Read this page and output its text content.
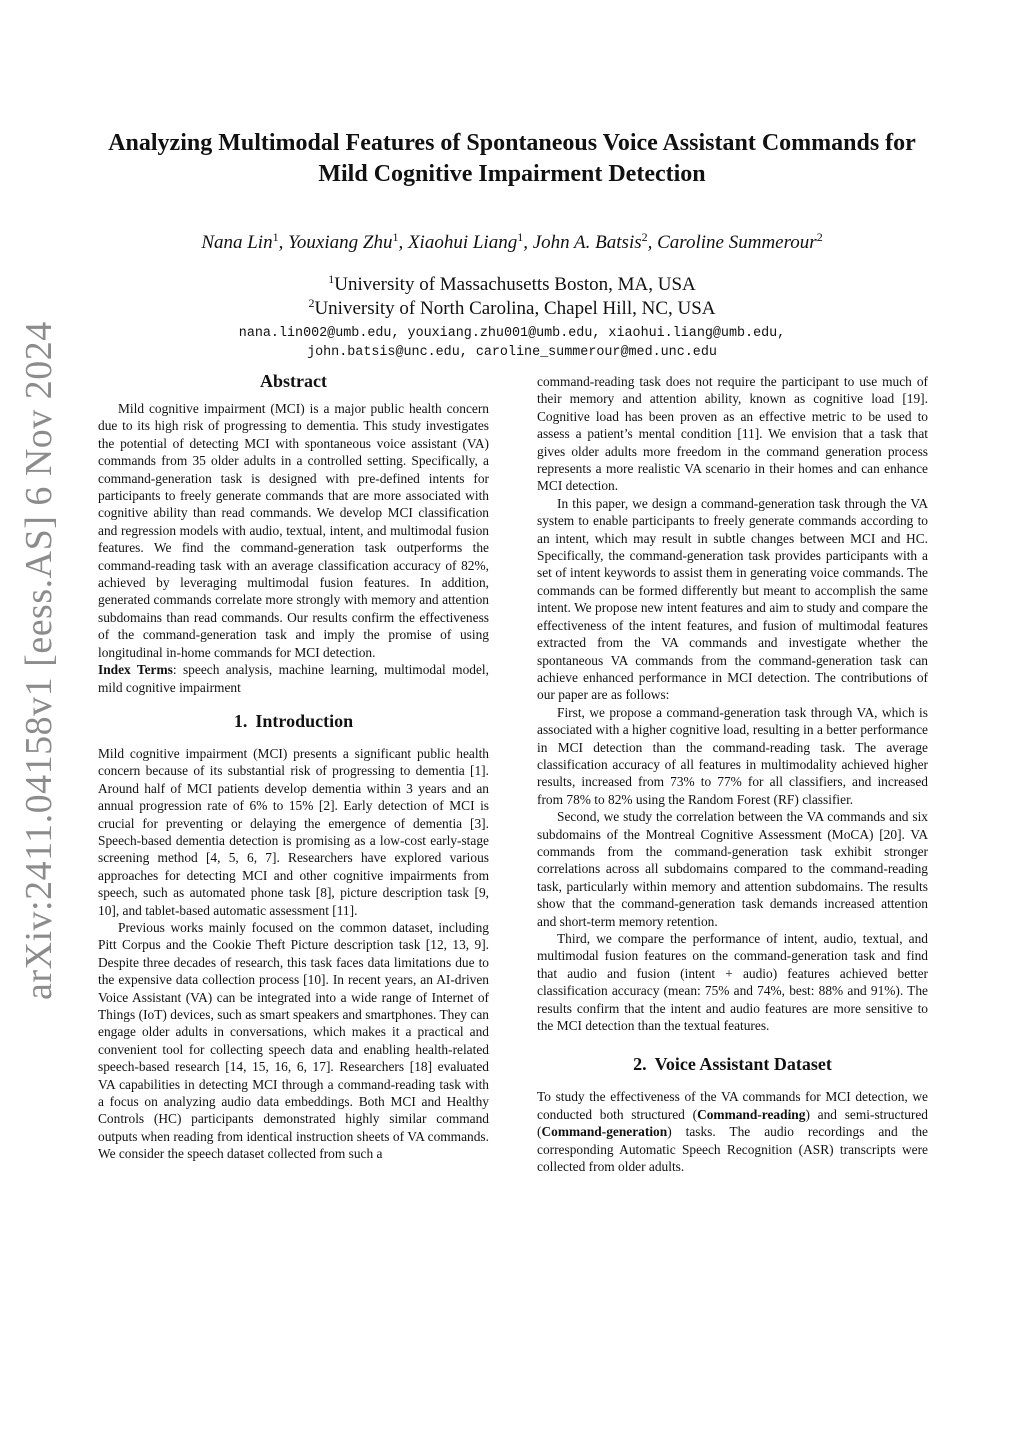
arXiv:2411.04158v1 [eess.AS] 6 Nov 2024
Analyzing Multimodal Features of Spontaneous Voice Assistant Commands for
Mild Cognitive Impairment Detection
Nana Lin$^1$, Youxiang Zhu$^1$, Xiaohui Liang$^1$, John A. Batsis$^2$, Caroline Summerour$^2$
$^1$University of Massachusetts Boston, MA, USA
$^2$University of North Carolina, Chapel Hill, NC, USA
nana.lin002@umb.edu, youxiang.zhu001@umb.edu, xiaohui.liang@umb.edu,
john.batsis@unc.edu, caroline_summerour@med.unc.edu
Abstract

Mild cognitive impairment (MCI) is a major public health concern due to its high risk of progressing to dementia. This study investigates the potential of detecting MCI with spontaneous voice assistant (VA) commands from 35 older adults in a controlled setting. Specifically, a command-generation task is designed with pre-defined intents for participants to freely generate commands that are more associated with cognitive ability than read commands. We develop MCI classification and regression models with audio, textual, intent, and multimodal fusion features. We find the command-generation task outperforms the command-reading task with an average classification accuracy of 82%, achieved by leveraging multimodal fusion features. In addition, generated commands correlate more strongly with memory and attention subdomains than read commands. Our results confirm the effectiveness of the command-generation task and imply the promise of using longitudinal in-home commands for MCI detection.

Index Terms: speech analysis, machine learning, multimodal model, mild cognitive impairment

1. Introduction

Mild cognitive impairment (MCI) presents a significant public health concern because of its substantial risk of progressing to dementia [1]. Around half of MCI patients develop dementia within 3 years and an annual progression rate of 6% to 15% [2]. Early detection of MCI is crucial for preventing or delaying the emergence of dementia [3]. Speech-based dementia detection is promising as a low-cost early-stage screening method [4, 5, 6, 7]. Researchers have explored various approaches for detecting MCI and other cognitive impairments from speech, such as automated phone task [8], picture description task [9, 10], and tablet-based automatic assessment [11].

Previous works mainly focused on the common dataset, including Pitt Corpus and the Cookie Theft Picture description task [12, 13, 9]. Despite three decades of research, this task faces data limitations due to the expensive data collection process [10]. In recent years, an AI-driven Voice Assistant (VA) can be integrated into a wide range of Internet of Things (IoT) devices, such as smart speakers and smartphones. They can engage older adults in conversations, which makes it a practical and convenient tool for collecting speech data and enabling health-related speech-based research [14, 15, 16, 6, 17]. Researchers [18] evaluated VA capabilities in detecting MCI through a command-reading task with a focus on analyzing audio data embeddings. Both MCI and Healthy Controls (HC) participants demonstrated highly similar command outputs when reading from identical instruction sheets of VA commands. We consider the speech dataset collected from such a

command-reading task does not require the participant to use much of their memory and attention ability, known as cognitive load [19]. Cognitive load has been proven as an effective metric to be used to assess a patient’s mental condition [11]. We envision that a task that gives older adults more freedom in the command generation process represents a more realistic VA scenario in their homes and can enhance MCI detection.

In this paper, we design a command-generation task through the VA system to enable participants to freely generate commands according to an intent, which may result in subtle changes between MCI and HC. Specifically, the command-generation task provides participants with a set of intent keywords to assist them in generating voice commands. The commands can be formed differently but meant to accomplish the same intent. We propose new intent features and aim to study and compare the effectiveness of the intent features, and fusion of multimodal features extracted from the VA commands and investigate whether the spontaneous VA commands from the command-generation task can achieve enhanced performance in MCI detection. The contributions of our paper are as follows:

First, we propose a command-generation task through VA, which is associated with a higher cognitive load, resulting in a better performance in MCI detection than the command-reading task. The average classification accuracy of all features in multimodality achieved higher results, increased from 73% to 77% for all classifiers, and increased from 78% to 82% using the Random Forest (RF) classifier.

Second, we study the correlation between the VA commands and six subdomains of the Montreal Cognitive Assessment (MoCA) [20]. VA commands from the command-generation task exhibit stronger correlations across all subdomains compared to the command-reading task, particularly within memory and attention subdomains. The results show that the command-generation task demands increased attention and short-term memory retention.

Third, we compare the performance of intent, audio, textual, and multimodal fusion features on the command-generation task and find that audio and fusion (intent + audio) features achieved better classification accuracy (mean: 75% and 74%, best: 88% and 91%). The results confirm that the intent and audio features are more sensitive to the MCI detection than the textual features.

2. Voice Assistant Dataset

To study the effectiveness of the VA commands for MCI detection, we conducted both structured (Command-reading) and semi-structured (Command-generation) tasks. The audio recordings and the corresponding Automatic Speech Recognition (ASR) transcripts were collected from older adults.
